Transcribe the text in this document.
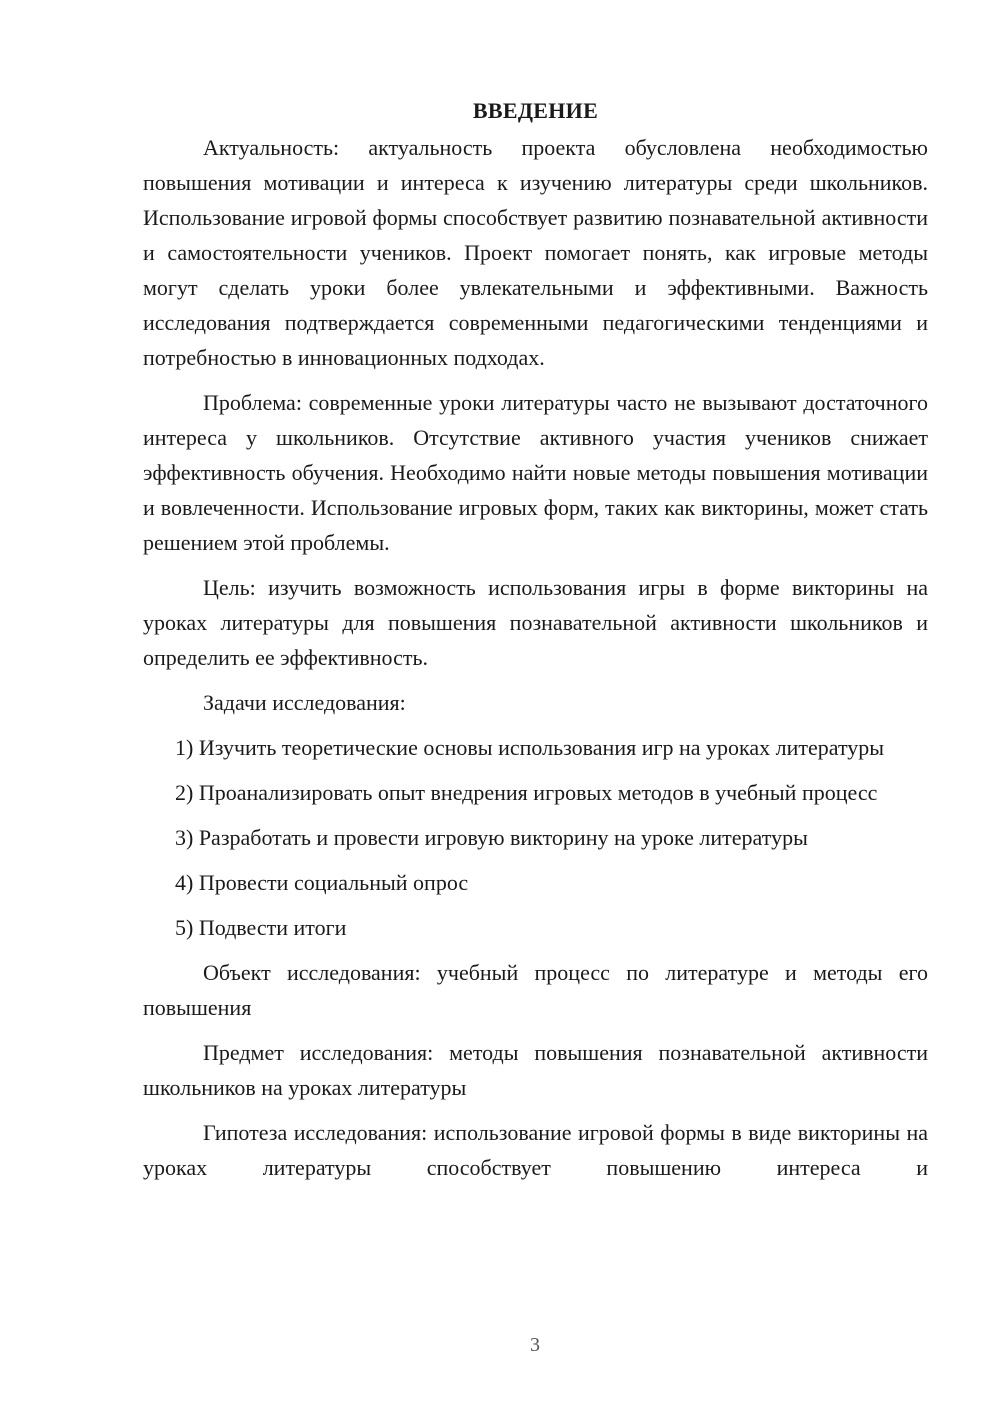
ВВЕДЕНИЕ

Актуальность: актуальность проекта обусловлена необходимостью повышения мотивации и интереса к изучению литературы среди школьников. Использование игровой формы способствует развитию познавательной активности и самостоятельности учеников. Проект помогает понять, как игровые методы могут сделать уроки более увлекательными и эффективными. Важность исследования подтверждается современными педагогическими тенденциями и потребностью в инновационных подходах.

Проблема: современные уроки литературы часто не вызывают достаточного интереса у школьников. Отсутствие активного участия учеников снижает эффективность обучения. Необходимо найти новые методы повышения мотивации и вовлеченности. Использование игровых форм, таких как викторины, может стать решением этой проблемы.

Цель: изучить возможность использования игры в форме викторины на уроках литературы для повышения познавательной активности школьников и определить ее эффективность.

Задачи исследования:

1) Изучить теоретические основы использования игр на уроках литературы

2) Проанализировать опыт внедрения игровых методов в учебный процесс

3) Разработать и провести игровую викторину на уроке литературы

4) Провести социальный опрос

5) Подвести итоги

Объект исследования: учебный процесс по литературе и методы его повышения

Предмет исследования: методы повышения познавательной активности школьников на уроках литературы

Гипотеза исследования: использование игровой формы в виде викторины на уроках литературы способствует повышению интереса и

3
